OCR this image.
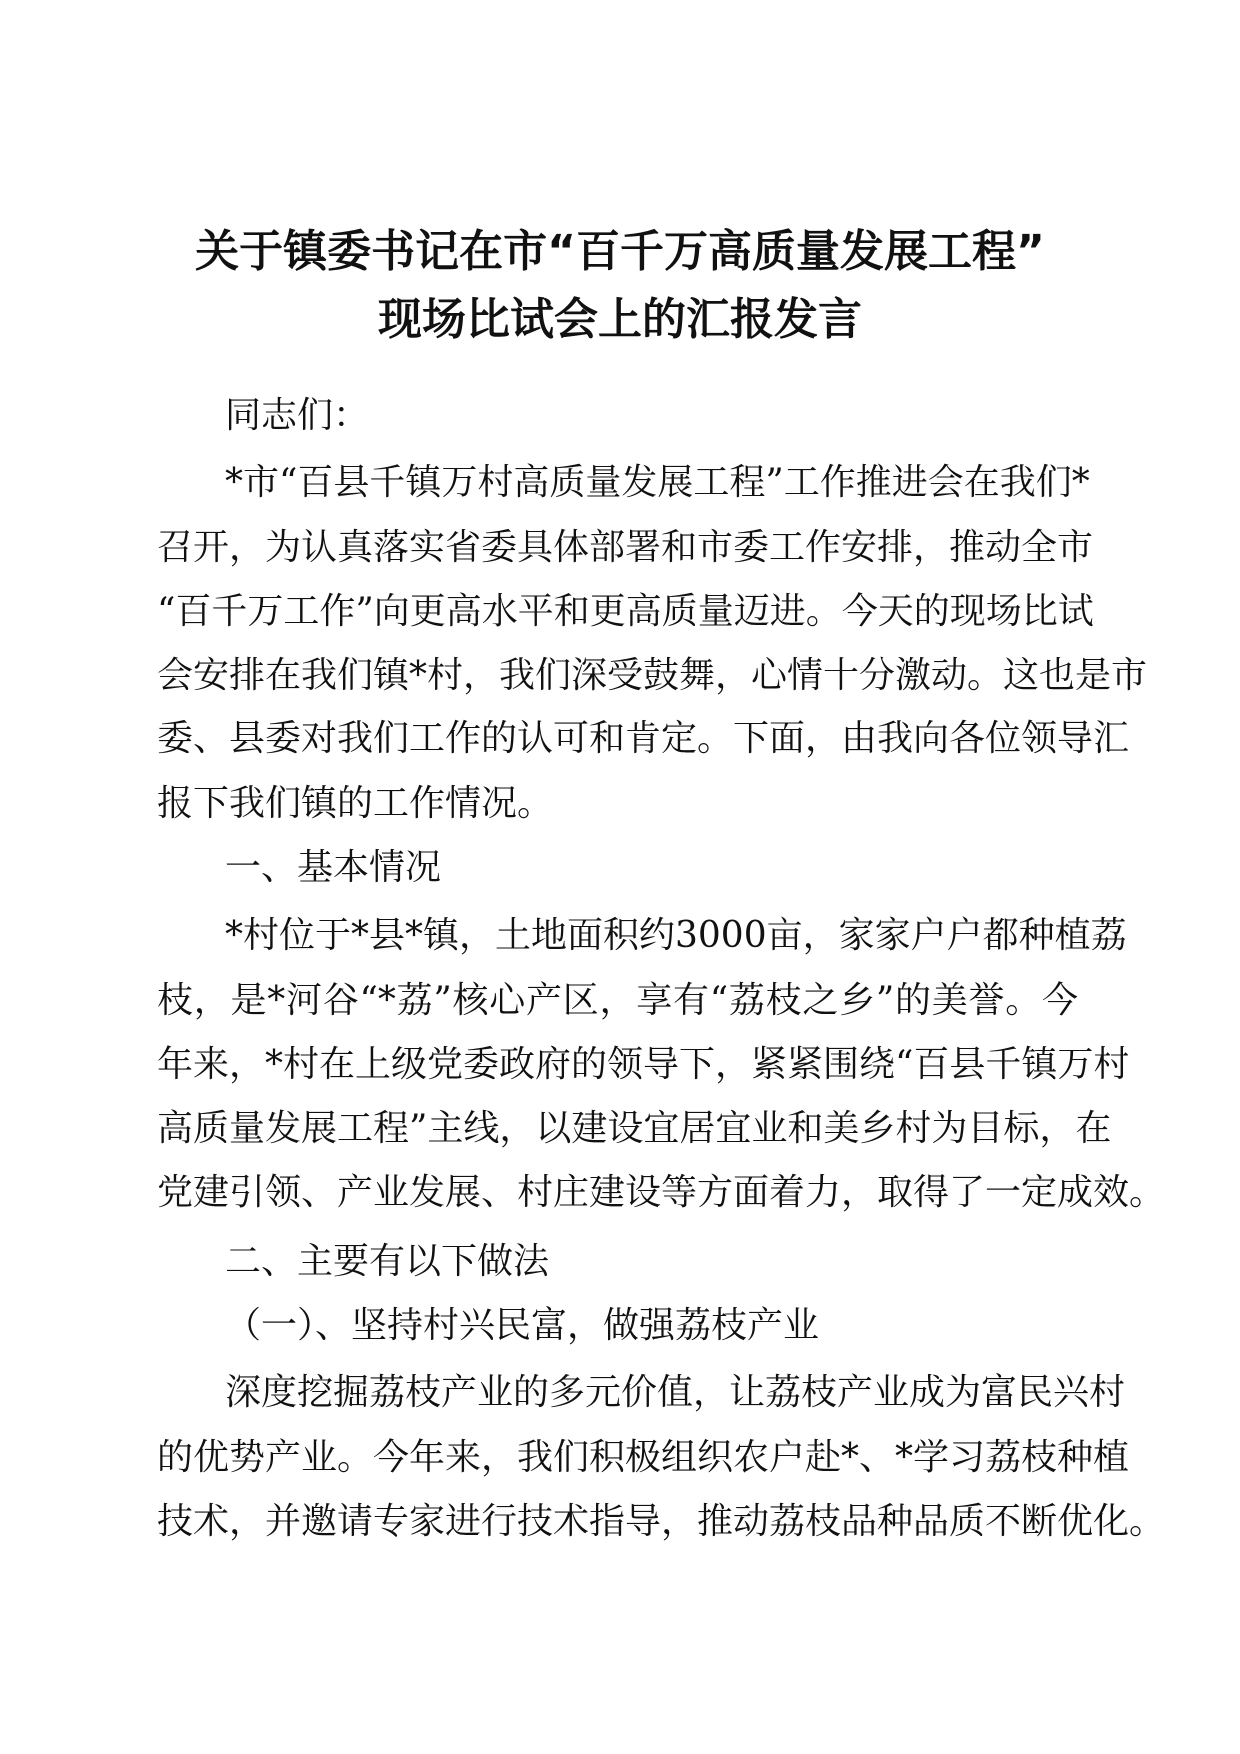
关于镇委书记在市“百千万高质量发展工程”
现场比试会上的汇报发言
同志们：
*市“百县千镇万村高质量发展工程”工作推进会在我们*
召开，为认真落实省委具体部署和市委工作安排，推动全市
“百千万工作”向更高水平和更高质量迈进。今天的现场比试
会安排在我们镇*村，我们深受鼓舞，心情十分激动。这也是市
委、县委对我们工作的认可和肯定。下面，由我向各位领导汇
报下我们镇的工作情况。
一、基本情况
*村位于*县*镇，土地面积约3000亩，家家户户都种植荔
枝，是*河谷“*荔”核心产区，享有“荔枝之乡”的美誉。今
年来，*村在上级党委政府的领导下，紧紧围绕“百县千镇万村
高质量发展工程”主线，以建设宜居宜业和美乡村为目标，在
党建引领、产业发展、村庄建设等方面着力，取得了一定成效。
二、主要有以下做法
（一）、坚持村兴民富，做强荔枝产业
深度挖掘荔枝产业的多元价值，让荔枝产业成为富民兴村
的优势产业。今年来，我们积极组织农户赴*、*学习荔枝种植
技术，并邀请专家进行技术指导，推动荔枝品种品质不断优化。
